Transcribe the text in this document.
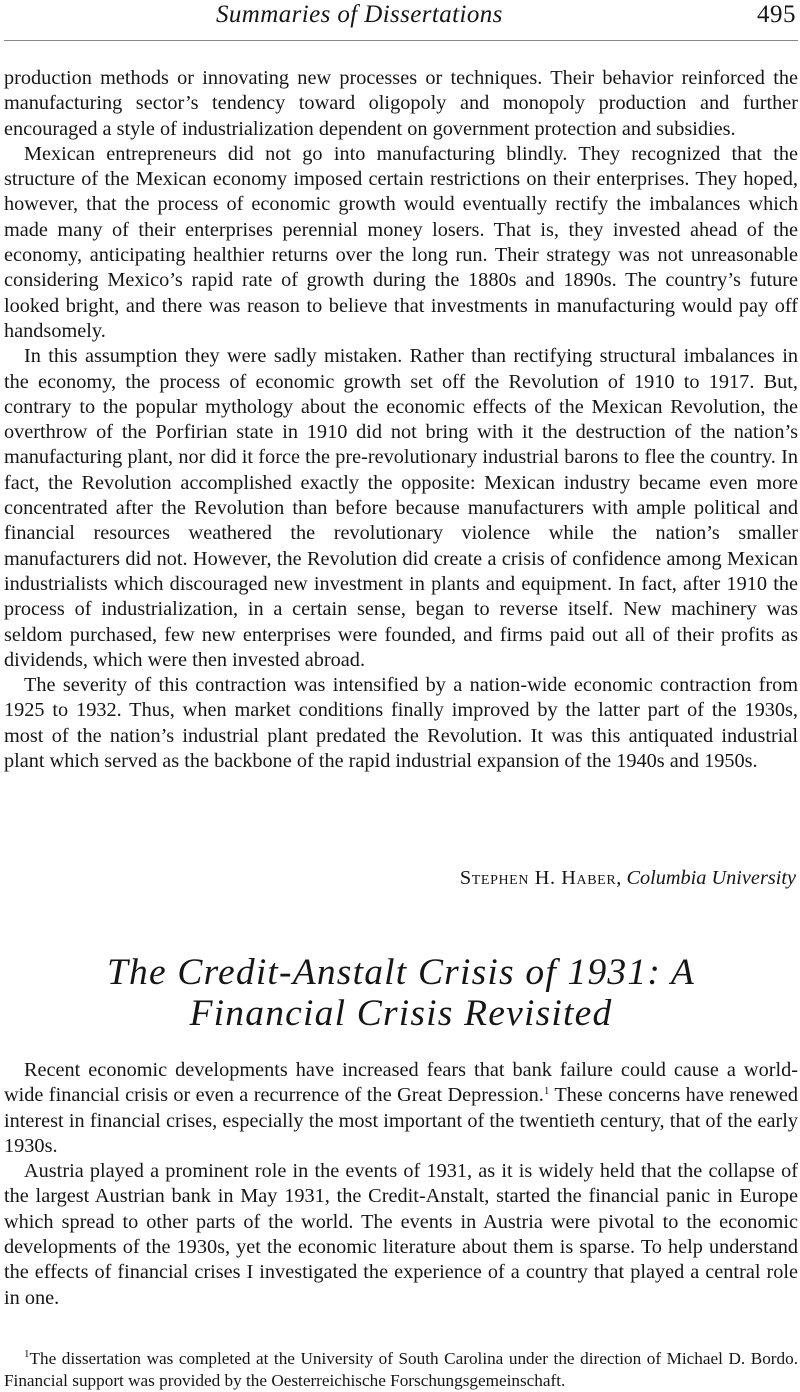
Summaries of Dissertations	495

production methods or innovating new processes or techniques. Their behavior reinforced the manufacturing sector’s tendency toward oligopoly and monopoly production and further encouraged a style of industrialization dependent on government protection and subsidies.

Mexican entrepreneurs did not go into manufacturing blindly. They recognized that the structure of the Mexican economy imposed certain restrictions on their enterprises. They hoped, however, that the process of economic growth would eventually rectify the imbalances which made many of their enterprises perennial money losers. That is, they invested ahead of the economy, anticipating healthier returns over the long run. Their strategy was not unreasonable considering Mexico’s rapid rate of growth during the 1880s and 1890s. The country’s future looked bright, and there was reason to believe that investments in manufacturing would pay off handsomely.

In this assumption they were sadly mistaken. Rather than rectifying structural imbalances in the economy, the process of economic growth set off the Revolution of 1910 to 1917. But, contrary to the popular mythology about the economic effects of the Mexican Revolution, the overthrow of the Porfirian state in 1910 did not bring with it the destruction of the nation’s manufacturing plant, nor did it force the pre-revolutionary industrial barons to flee the country. In fact, the Revolution accomplished exactly the opposite: Mexican industry became even more concentrated after the Revolution than before because manufacturers with ample political and financial resources weathered the revolutionary violence while the nation’s smaller manufacturers did not. However, the Revolution did create a crisis of confidence among Mexican industrialists which discouraged new investment in plants and equipment. In fact, after 1910 the process of industrialization, in a certain sense, began to reverse itself. New machinery was seldom purchased, few new enterprises were founded, and firms paid out all of their profits as dividends, which were then invested abroad.

The severity of this contraction was intensified by a nation-wide economic contraction from 1925 to 1932. Thus, when market conditions finally improved by the latter part of the 1930s, most of the nation’s industrial plant predated the Revolution. It was this antiquated industrial plant which served as the backbone of the rapid industrial expansion of the 1940s and 1950s.

Stephen H. Haber, Columbia University
The Credit-Anstalt Crisis of 1931: A
Financial Crisis Revisited

Recent economic developments have increased fears that bank failure could cause a world-wide financial crisis or even a recurrence of the Great Depression.$^1$ These concerns have renewed interest in financial crises, especially the most important of the twentieth century, that of the early 1930s.

Austria played a prominent role in the events of 1931, as it is widely held that the collapse of the largest Austrian bank in May 1931, the Credit-Anstalt, started the financial panic in Europe which spread to other parts of the world. The events in Austria were pivotal to the economic developments of the 1930s, yet the economic literature about them is sparse. To help understand the effects of financial crises I investigated the experience of a country that played a central role in one.

$^1$The dissertation was completed at the University of South Carolina under the direction of Michael D. Bordo. Financial support was provided by the Oesterreichische Forschungsgemeinschaft.
